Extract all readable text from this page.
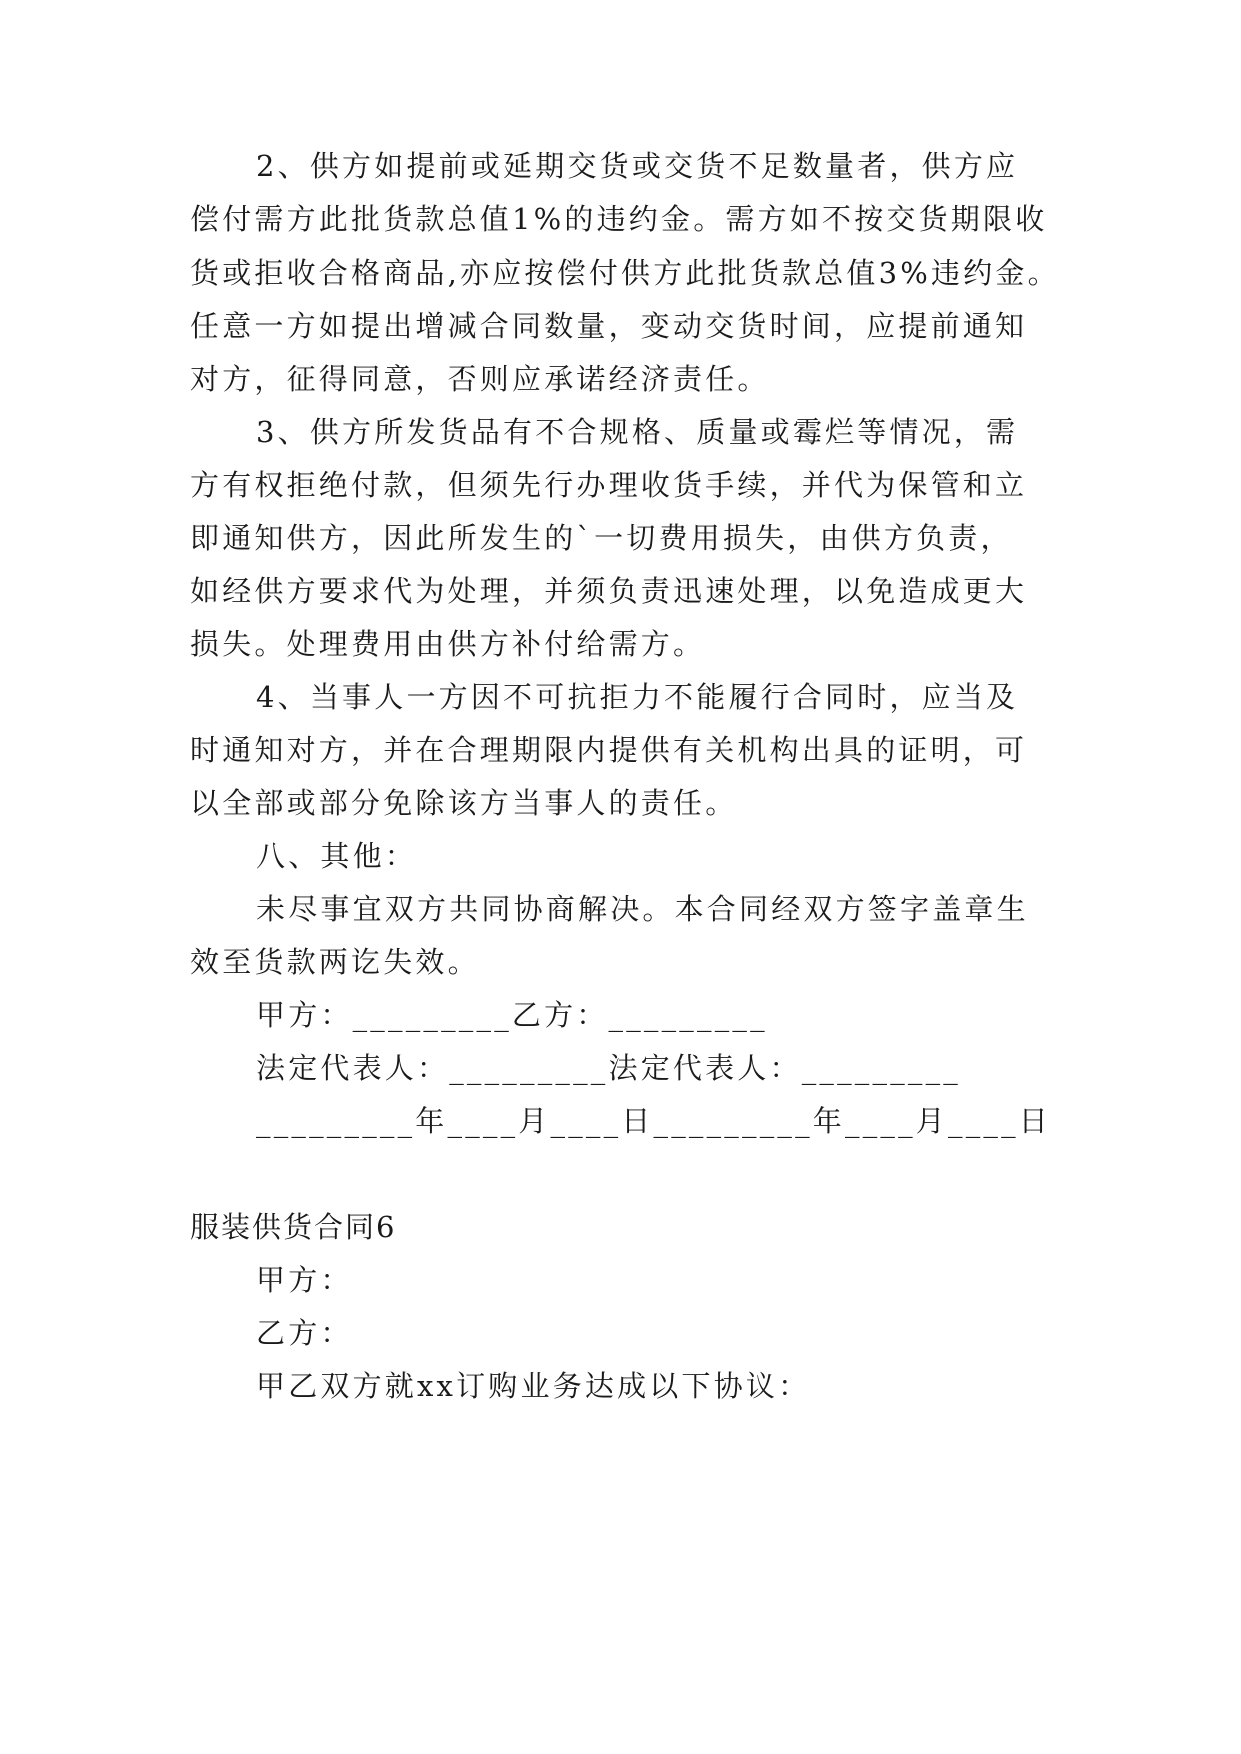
2、供方如提前或延期交货或交货不足数量者，供方应

偿付需方此批货款总值1%的违约金。需方如不按交货期限收

货或拒收合格商品,亦应按偿付供方此批货款总值3%违约金。

任意一方如提出增减合同数量，变动交货时间，应提前通知

对方，征得同意，否则应承诺经济责任。

3、供方所发货品有不合规格、质量或霉烂等情况，需

方有权拒绝付款，但须先行办理收货手续，并代为保管和立

即通知供方，因此所发生的`一切费用损失，由供方负责，

如经供方要求代为处理，并须负责迅速处理，以免造成更大

损失。处理费用由供方补付给需方。

4、当事人一方因不可抗拒力不能履行合同时，应当及

时通知对方，并在合理期限内提供有关机构出具的证明，可

以全部或部分免除该方当事人的责任。

八、其他：

未尽事宜双方共同协商解决。本合同经双方签字盖章生

效至货款两讫失效。

甲方：_________乙方：_________

法定代表人：_________法定代表人：_________

_________年____月____日_________年____月____日

服装供货合同6

甲方：

乙方：

甲乙双方就xx订购业务达成以下协议：
